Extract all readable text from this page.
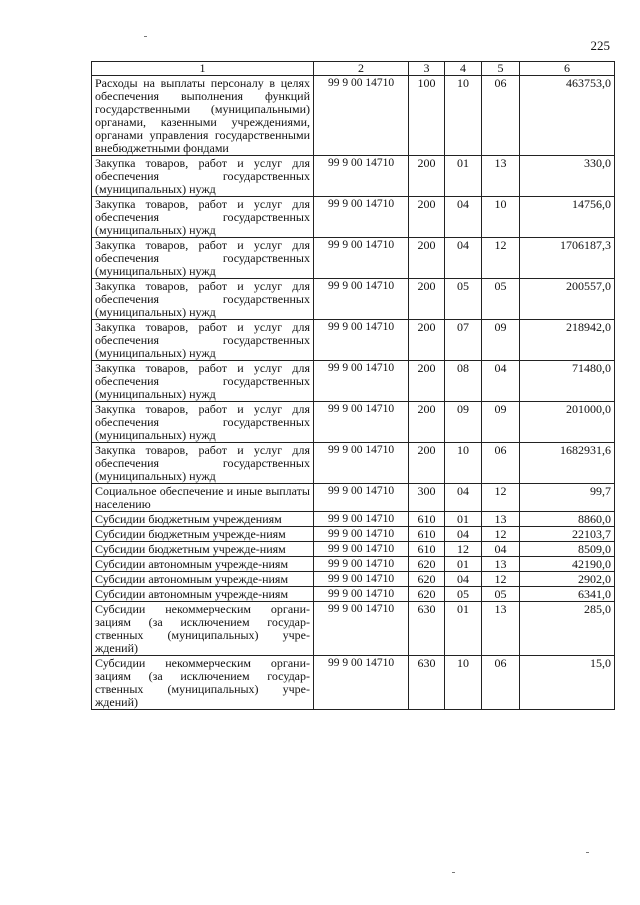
225
1	2	3	4	5	6
Расходы на выплаты персоналу в целях обеспечения выполнения функций государственными (муниципальными) органами, казенными учреждениями, органами управления государственными внебюджетными фондами	99 9 00 14710	100	10	06	463753,0
Закупка товаров, работ и услуг для обеспечения государственных (муниципальных) нужд	99 9 00 14710	200	01	13	330,0
Закупка товаров, работ и услуг для обеспечения государственных (муниципальных) нужд	99 9 00 14710	200	04	10	14756,0
Закупка товаров, работ и услуг для обеспечения государственных (муниципальных) нужд	99 9 00 14710	200	04	12	1706187,3
Закупка товаров, работ и услуг для обеспечения государственных (муниципальных) нужд	99 9 00 14710	200	05	05	200557,0
Закупка товаров, работ и услуг для обеспечения государственных (муниципальных) нужд	99 9 00 14710	200	07	09	218942,0
Закупка товаров, работ и услуг для обеспечения государственных (муниципальных) нужд	99 9 00 14710	200	08	04	71480,0
Закупка товаров, работ и услуг для обеспечения государственных (муниципальных) нужд	99 9 00 14710	200	09	09	201000,0
Закупка товаров, работ и услуг для обеспечения государственных (муниципальных) нужд	99 9 00 14710	200	10	06	1682931,6
Социальное обеспечение и иные выплаты населению	99 9 00 14710	300	04	12	99,7
Субсидии бюджетным учреждениям	99 9 00 14710	610	01	13	8860,0
Субсидии бюджетным учрежде-ниям	99 9 00 14710	610	04	12	22103,7
Субсидии бюджетным учрежде-ниям	99 9 00 14710	610	12	04	8509,0
Субсидии автономным учрежде-ниям	99 9 00 14710	620	01	13	42190,0
Субсидии автономным учрежде-ниям	99 9 00 14710	620	04	12	2902,0
Субсидии автономным учрежде-ниям	99 9 00 14710	620	05	05	6341,0
Субсидии некоммерческим органи-зациям (за исключением государ-ственных (муниципальных) учре-ждений)	99 9 00 14710	630	01	13	285,0
Субсидии некоммерческим органи-зациям (за исключением государ-ственных (муниципальных) учре-ждений)	99 9 00 14710	630	10	06	15,0
